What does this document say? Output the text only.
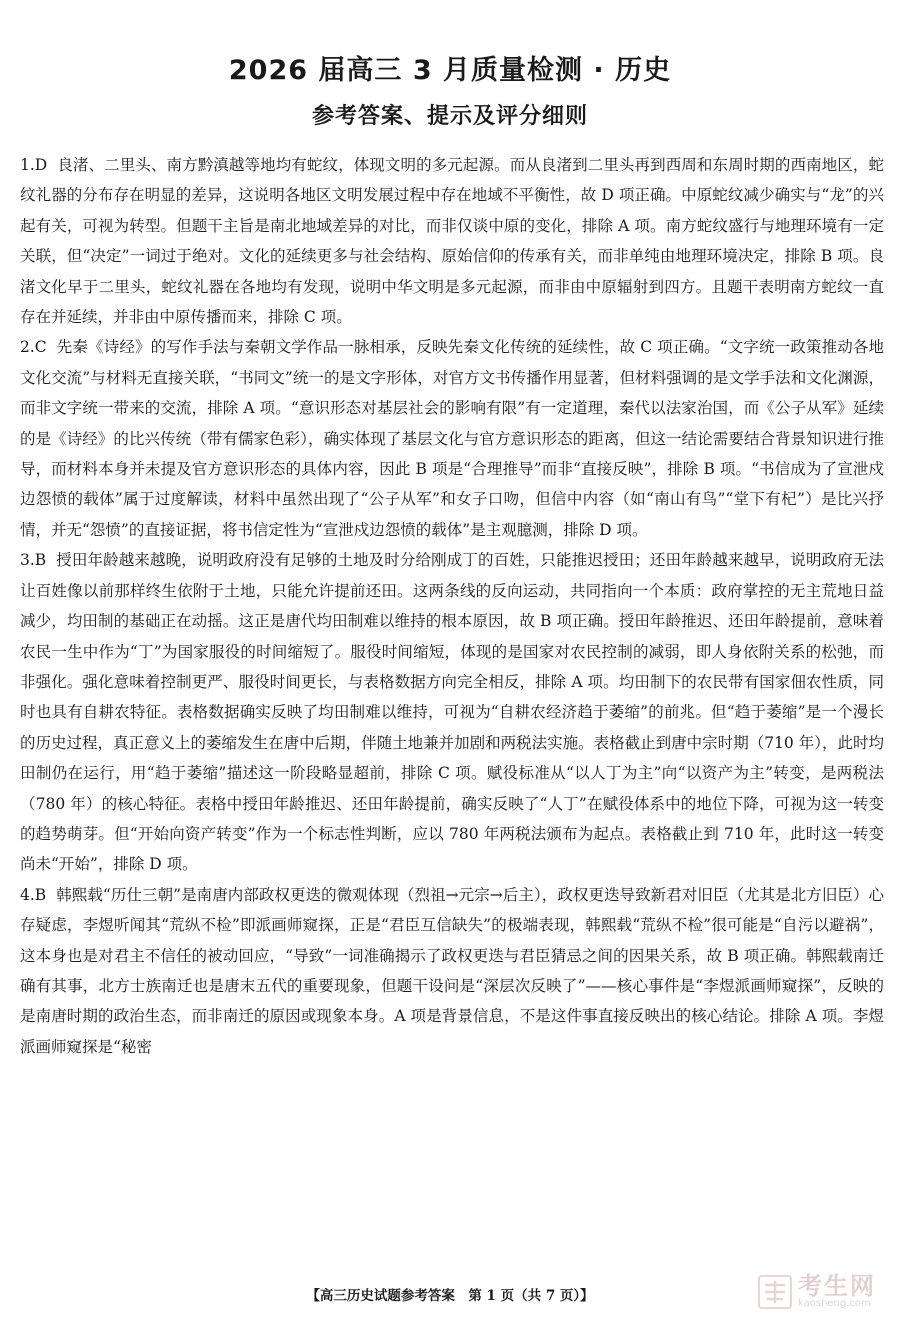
2026 届高三 3 月质量检测 · 历史
参考答案、提示及评分细则

1.D 良渚、二里头、南方黔滇越等地均有蛇纹，体现文明的多元起源。而从良渚到二里头再到西周和东周时期的西南地区，蛇纹礼器的分布存在明显的差异，这说明各地区文明发展过程中存在地域不平衡性，故 D 项正确。中原蛇纹减少确实与“龙”的兴起有关，可视为转型。但题干主旨是南北地域差异的对比，而非仅谈中原的变化，排除 A 项。南方蛇纹盛行与地理环境有一定关联，但“决定”一词过于绝对。文化的延续更多与社会结构、原始信仰的传承有关，而非单纯由地理环境决定，排除 B 项。良渚文化早于二里头，蛇纹礼器在各地均有发现，说明中华文明是多元起源，而非由中原辐射到四方。且题干表明南方蛇纹一直存在并延续，并非由中原传播而来，排除 C 项。

2.C 先秦《诗经》的写作手法与秦朝文学作品一脉相承，反映先秦文化传统的延续性，故 C 项正确。“文字统一政策推动各地文化交流”与材料无直接关联，“书同文”统一的是文字形体，对官方文书传播作用显著，但材料强调的是文学手法和文化渊源，而非文字统一带来的交流，排除 A 项。“意识形态对基层社会的影响有限”有一定道理，秦代以法家治国，而《公子从军》延续的是《诗经》的比兴传统（带有儒家色彩），确实体现了基层文化与官方意识形态的距离，但这一结论需要结合背景知识进行推导，而材料本身并未提及官方意识形态的具体内容，因此 B 项是“合理推导”而非“直接反映”，排除 B 项。“书信成为了宣泄戍边怨愤的载体”属于过度解读，材料中虽然出现了“公子从军”和女子口吻，但信中内容（如“南山有鸟”“堂下有杞”）是比兴抒情，并无“怨愤”的直接证据，将书信定性为“宣泄戍边怨愤的载体”是主观臆测，排除 D 项。

3.B 授田年龄越来越晚，说明政府没有足够的土地及时分给刚成丁的百姓，只能推迟授田；还田年龄越来越早，说明政府无法让百姓像以前那样终生依附于土地，只能允许提前还田。这两条线的反向运动，共同指向一个本质：政府掌控的无主荒地日益减少，均田制的基础正在动摇。这正是唐代均田制难以维持的根本原因，故 B 项正确。授田年龄推迟、还田年龄提前，意味着农民一生中作为“丁”为国家服役的时间缩短了。服役时间缩短，体现的是国家对农民控制的减弱，即人身依附关系的松弛，而非强化。强化意味着控制更严、服役时间更长，与表格数据方向完全相反，排除 A 项。均田制下的农民带有国家佃农性质，同时也具有自耕农特征。表格数据确实反映了均田制难以维持，可视为“自耕农经济趋于萎缩”的前兆。但“趋于萎缩”是一个漫长的历史过程，真正意义上的萎缩发生在唐中后期，伴随土地兼并加剧和两税法实施。表格截止到唐中宗时期（710 年），此时均田制仍在运行，用“趋于萎缩”描述这一阶段略显超前，排除 C 项。赋役标准从“以人丁为主”向“以资产为主”转变，是两税法（780 年）的核心特征。表格中授田年龄推迟、还田年龄提前，确实反映了“人丁”在赋役体系中的地位下降，可视为这一转变的趋势萌芽。但“开始向资产转变”作为一个标志性判断，应以 780 年两税法颁布为起点。表格截止到 710 年，此时这一转变尚未“开始”，排除 D 项。

4.B 韩熙载“历仕三朝”是南唐内部政权更迭的微观体现（烈祖→元宗→后主），政权更迭导致新君对旧臣（尤其是北方旧臣）心存疑虑，李煜听闻其“荒纵不检”即派画师窥探，正是“君臣互信缺失”的极端表现，韩熙载“荒纵不检”很可能是“自污以避祸”，这本身也是对君主不信任的被动回应，“导致”一词准确揭示了政权更迭与君臣猜忌之间的因果关系，故 B 项正确。韩熙载南迁确有其事，北方士族南迁也是唐末五代的重要现象，但题干设问是“深层次反映了”——核心事件是“李煜派画师窥探”，反映的是南唐时期的政治生态，而非南迁的原因或现象本身。A 项是背景信息，不是这件事直接反映出的核心结论。排除 A 项。李煜派画师窥探是“秘密

【高三历史试题参考答案　第 1 页（共 7 页）】	考生网
kaosheng.com
